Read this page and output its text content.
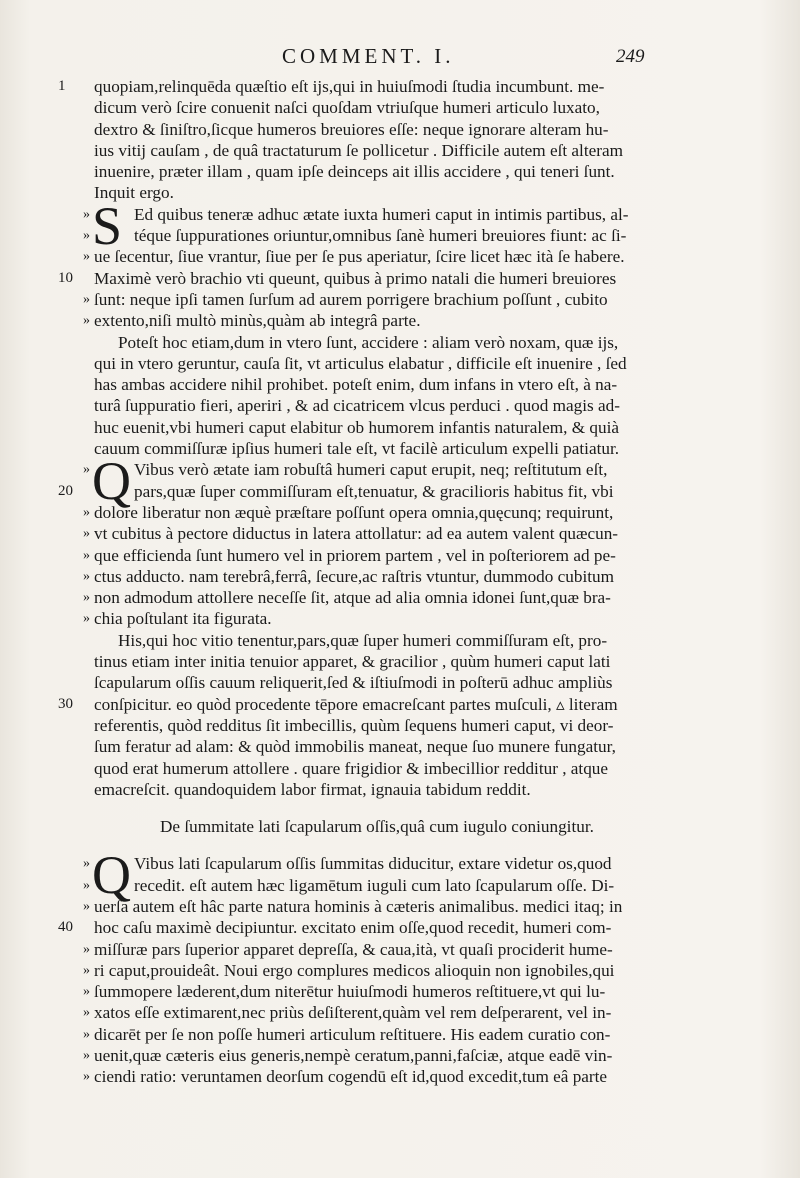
COMMENT. I.	249
1	quopiam,relinquēda quæſtio eſt ijs,qui in huiuſmodi ſtudia incumbunt. me-
dicum verò ſcire conuenit naſci quoſdam vtriuſque humeri articulo luxato,
dextro & ſiniſtro,ſicque humeros breuiores eſſe: neque ignorare alteram hu-
ius vitij cauſam , de quâ tractaturum ſe pollicetur . Difficile autem eſt alteram
inuenire, præter illam , quam ipſe deinceps ait illis accidere , qui teneri ſunt.
Inquit ergo.
» S Ed quibus teneræ adhuc ætate iuxta humeri caput in intimis partibus, al-
»	téque ſuppurationes oriuntur,omnibus ſanè humeri breuiores fiunt: ac ſi-
» ue ſecentur, ſiue vrantur, ſiue per ſe pus aperiatur, ſcire licet hæc ità ſe habere.
10	Maximè verò brachio vti queunt, quibus à primo natali die humeri breuiores
» ſunt: neque ipſi tamen ſurſum ad aurem porrigere brachium poſſunt , cubito
» extento,niſi multò minùs,quàm ab integrâ parte.
Poteſt hoc etiam,dum in vtero ſunt, accidere : aliam verò noxam, quæ ijs,
qui in vtero geruntur, cauſa ſit, vt articulus elabatur , difficile eſt inuenire , ſed
has ambas accidere nihil prohibet. poteſt enim, dum infans in vtero eſt, à na-
turâ ſuppuratio fieri, aperiri , & ad cicatricem vlcus perduci . quod magis ad-
huc euenit,vbi humeri caput elabitur ob humorem infantis naturalem, & quià
cauum commiſſuræ ipſius humeri tale eſt, vt facilè articulum expelli patiatur.
» Q Vibus verò ætate iam robuſtâ humeri caput erupit, neq; reſtitutum eſt,
20	pars,quæ ſuper commiſſuram eſt,tenuatur, & gracilioris habitus fit, vbi
» dolore liberatur non æquè præſtare poſſunt opera omnia,quęcunq; requirunt,
» vt cubitus à pectore diductus in latera attollatur: ad ea autem valent quæcun-
» que efficienda ſunt humero vel in priorem partem , vel in poſteriorem ad pe-
» ctus adducto. nam terebrâ,ferrâ, ſecure,ac raſtris vtuntur, dummodo cubitum
» non admodum attollere neceſſe ſit, atque ad alia omnia idonei ſunt,quæ bra-
» chia poſtulant ita figurata.
His,qui hoc vitio tenentur,pars,quæ ſuper humeri commiſſuram eſt, pro-
tinus etiam inter initia tenuior apparet, & gracilior , quùm humeri caput lati
ſcapularum oſſis cauum reliquerit,ſed & iſtiuſmodi in poſterū adhuc ampliùs
30	conſpicitur. eo quòd procedente tēpore emacreſcant partes muſculi, ▵ literam
referentis, quòd redditus ſit imbecillis, quùm ſequens humeri caput, vi deor-
ſum feratur ad alam: & quòd immobilis maneat, neque ſuo munere fungatur,
quod erat humerum attollere . quare frigidior & imbecillior redditur , atque
emacreſcit. quandoquidem labor firmat, ignauia tabidum reddit.
De ſummitate lati ſcapularum oſſis,quâ cum iugulo coniungitur.
» Q Vibus lati ſcapularum oſſis ſummitas diducitur, extare videtur os,quod
»	recedit. eſt autem hæc ligamētum iuguli cum lato ſcapularum oſſe. Di-
» uerſa autem eſt hâc parte natura hominis à cæteris animalibus. medici itaq; in
40	hoc caſu maximè decipiuntur. excitato enim oſſe,quod recedit, humeri com-
» miſſuræ pars ſuperior apparet depreſſa, & caua,ità, vt quaſi prociderit hume-
» ri caput,prouideât. Noui ergo complures medicos alioquin non ignobiles,qui
» ſummopere læderent,dum niterētur huiuſmodi humeros reſtituere,vt qui lu-
» xatos eſſe extimarent,nec priùs deſiſterent,quàm vel rem deſperarent, vel in-
» dicarēt per ſe non poſſe humeri articulum reſtituere. His eadem curatio con-
» uenit,quæ cæteris eius generis,nempè ceratum,panni,faſciæ, atque eadē vin-
» ciendi ratio: veruntamen deorſum cogendū eſt id,quod excedit,tum eâ parte
